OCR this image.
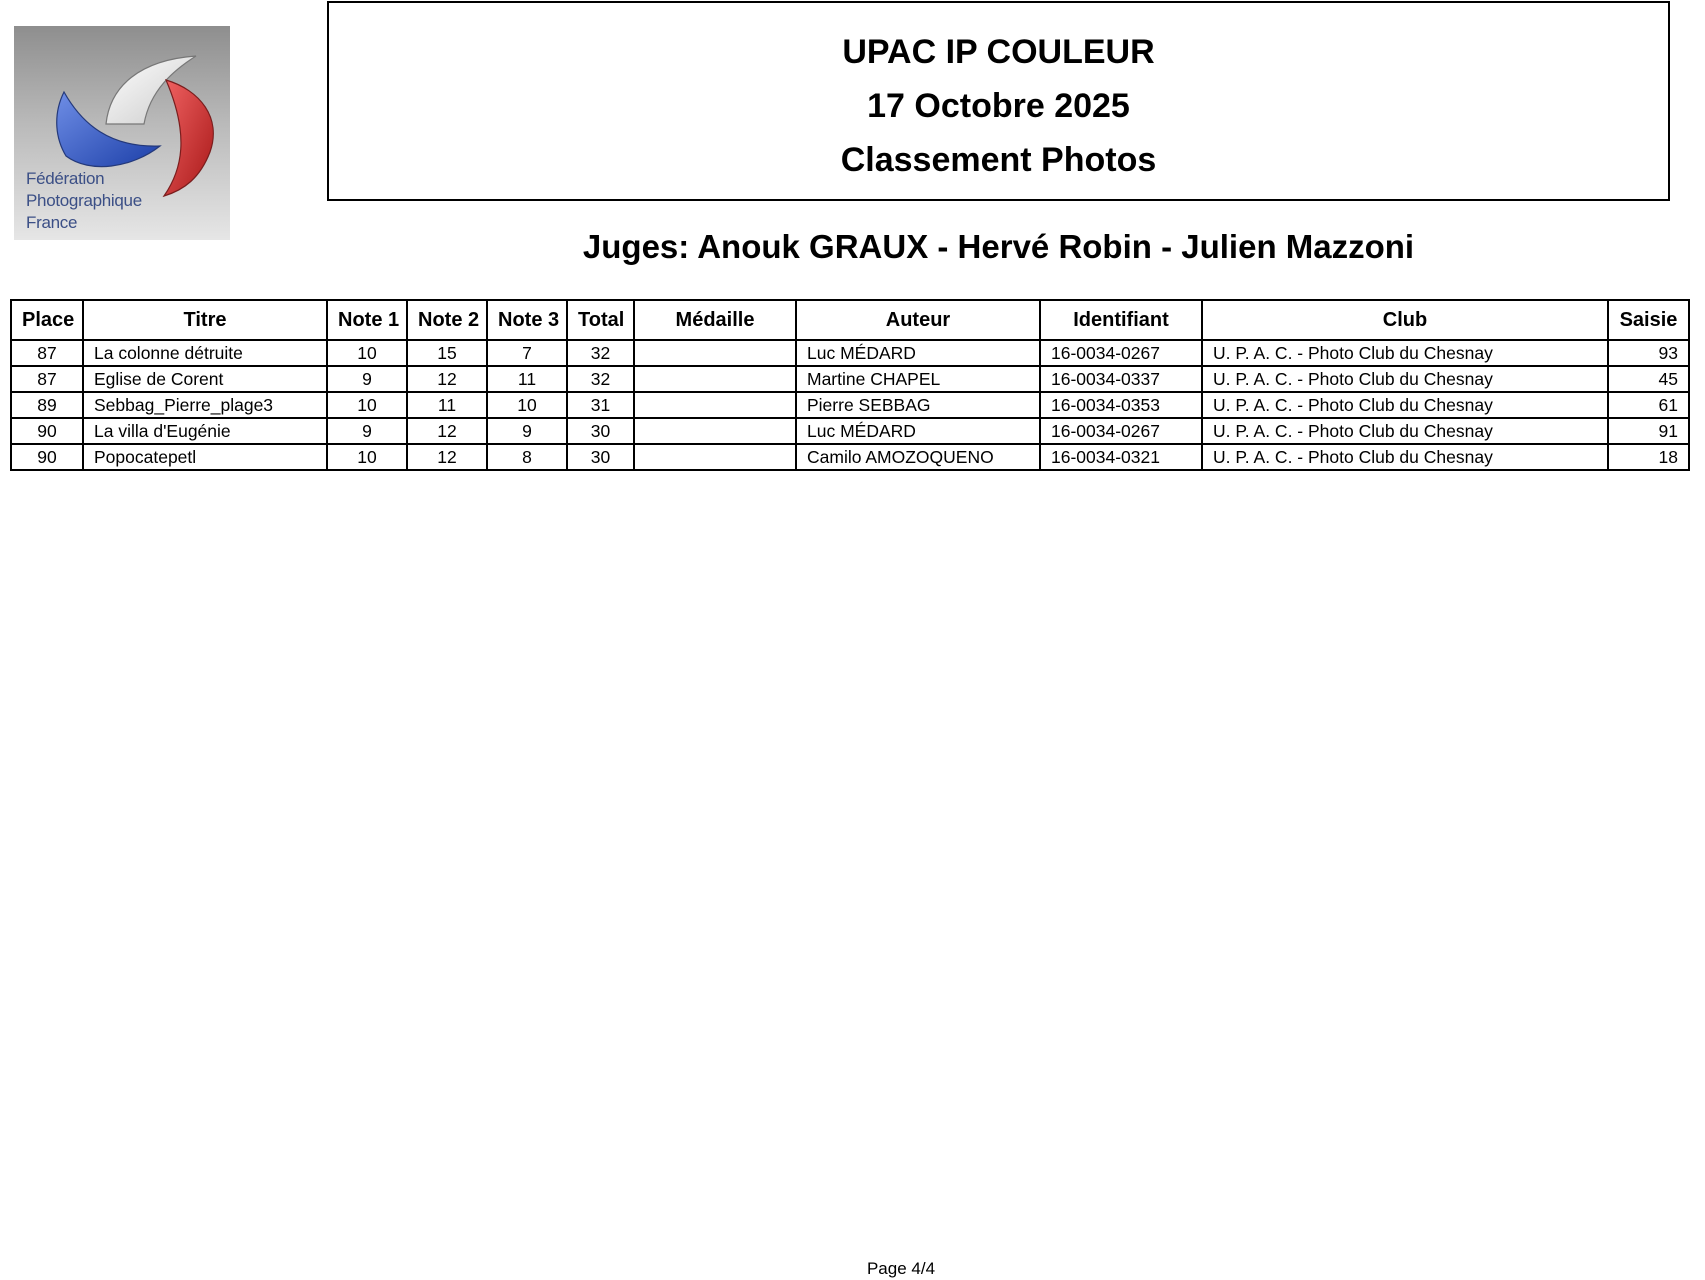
Fédération
Photographique
France
UPAC IP COULEUR
17 Octobre 2025
Classement Photos
Juges: Anouk GRAUX - Hervé Robin - Julien Mazzoni
Place	Titre	Note 1	Note 2	Note 3	Total	Médaille	Auteur	Identifiant	Club	Saisie
87	La colonne détruite	10	15	7	32		Luc MÉDARD	16-0034-0267	U. P. A. C. - Photo Club du Chesnay	93
87	Eglise de Corent	9	12	11	32		Martine CHAPEL	16-0034-0337	U. P. A. C. - Photo Club du Chesnay	45
89	Sebbag_Pierre_plage3	10	11	10	31		Pierre SEBBAG	16-0034-0353	U. P. A. C. - Photo Club du Chesnay	61
90	La villa d'Eugénie	9	12	9	30		Luc MÉDARD	16-0034-0267	U. P. A. C. - Photo Club du Chesnay	91
90	Popocatepetl	10	12	8	30		Camilo AMOZOQUENO	16-0034-0321	U. P. A. C. - Photo Club du Chesnay	18
Page 4/4
